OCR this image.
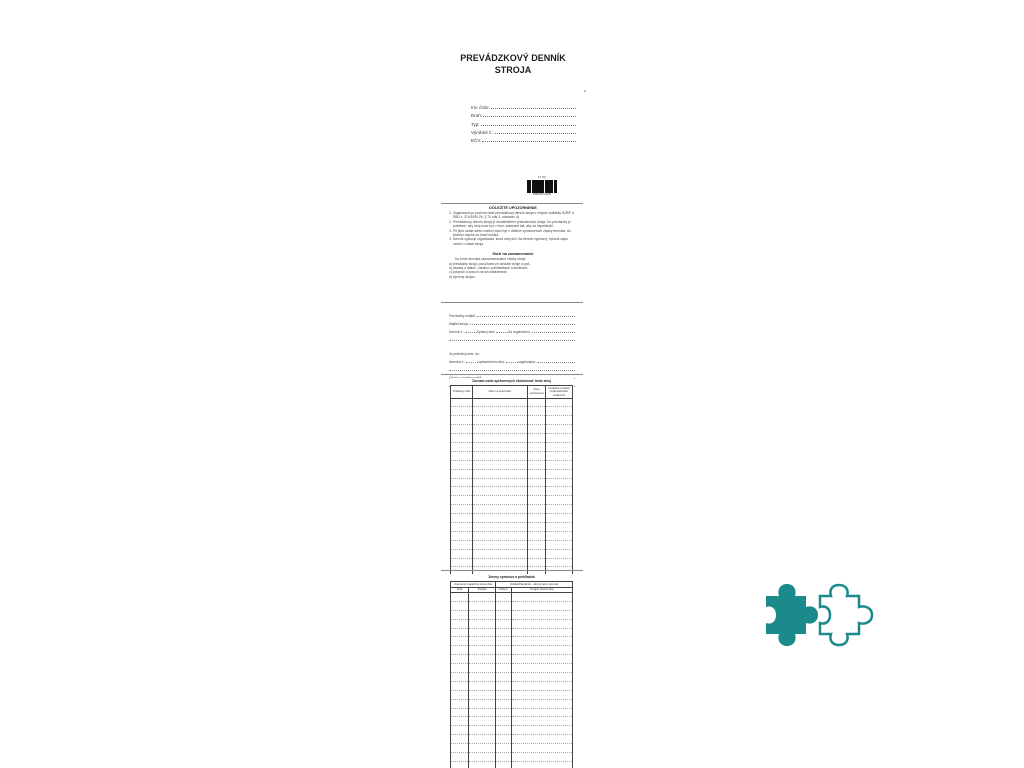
PREVÁDZKOVÝ DENNÍK
STROJA
Inv. číslo:
Druh:
Typ:
Výrobné č.:
EČV:
ET 500
8586000751234
DÔLEŽITÉ UPOZORNENIE
1. Organizácia je povinná viesť prevádzkový denník stroja v zmysle vyhlášky SÚBP a SBÚ č. 374/1990 Zb. § 70 ods.3, odstavec d).
2. Prevádzkový denník stroja je neoddeliteľné príslušenstvo stroja. Do prevádzky je potrebné, aby stroj musí byť v ňom uvádzané tak, aby sa nepoškodil.
3. Pri jeho strate alebo zničení musí byť v ďalšom vyhotovenom zápisy denníka, do ktorého zapíše sa hneď doklad.
4. Denník vypisuje organizácia, ktorá stroj drží. Ak denník vyplnený, vykoná zápis vedúci o stave stroja.
Slúži na zaznamenanie
Do tohto denníka zaznamenávame všetky stroje:
a) prevádzky stroja, poruchami pri obsluhe stroje a pod.,
b) zásahy a dátum, nárokov, prehliadkach a skúškach,
c) pokynov a porúch na ich odstránenie,
d) výmeny strojov.
Prevádzky majiteľ:
Majiteľ stroja:
Denník č.:	Vydaný dňa:	Za organizáciu:
Je pridelený/vrát. do:
denníka č.:	vystavenému dňa:	organizácia:
Zoznam osôb oprávnených obsluhovať tento stroj
Pridelený dňa	Meno a priezvisko	Číslo oprávnenia	Osobitné podpisy zodpovedného vedúceho

Zmeny správcov a prehliadok
Zmenený majiteľ/na stroju dňa		Oddiel/Pamätník - úkony ktoré vykonal	
Dňa	Podpis	Dátum	Podpis pracovníka
